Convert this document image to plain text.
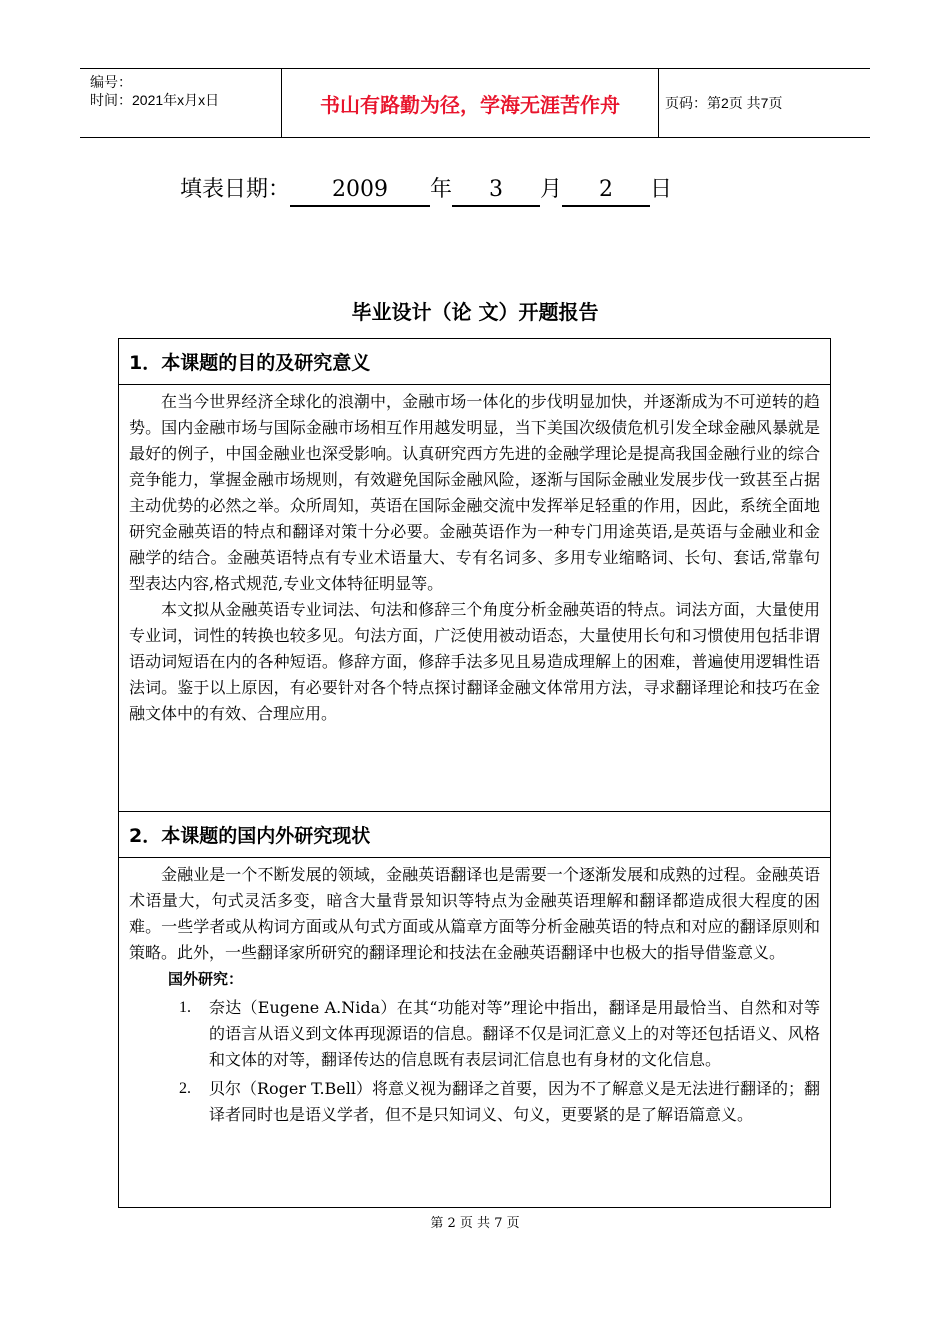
编号：
时间：2021年x月x日	书山有路勤为径，学海无涯苦作舟	页码：第2页 共7页
填表日期：	2009	年	3	月	2	日
毕业设计（论 文）开题报告
1．本课题的目的及研究意义

在当今世界经济全球化的浪潮中，金融市场一体化的步伐明显加快，并逐渐成为不可逆转的趋势。国内金融市场与国际金融市场相互作用越发明显，当下美国次级债危机引发全球金融风暴就是最好的例子，中国金融业也深受影响。认真研究西方先进的金融学理论是提高我国金融行业的综合竞争能力，掌握金融市场规则，有效避免国际金融风险，逐渐与国际金融业发展步伐一致甚至占据主动优势的必然之举。众所周知，英语在国际金融交流中发挥举足轻重的作用，因此，系统全面地研究金融英语的特点和翻译对策十分必要。金融英语作为一种专门用途英语,是英语与金融业和金融学的结合。金融英语特点有专业术语量大、专有名词多、多用专业缩略词、长句、套话,常靠句型表达内容,格式规范,专业文体特征明显等。

本文拟从金融英语专业词法、句法和修辞三个角度分析金融英语的特点。词法方面，大量使用专业词，词性的转换也较多见。句法方面，广泛使用被动语态，大量使用长句和习惯使用包括非谓语动词短语在内的各种短语。修辞方面，修辞手法多见且易造成理解上的困难，普遍使用逻辑性语法词。鉴于以上原因，有必要针对各个特点探讨翻译金融文体常用方法，寻求翻译理论和技巧在金融文体中的有效、合理应用。

2．本课题的国内外研究现状

金融业是一个不断发展的领域，金融英语翻译也是需要一个逐渐发展和成熟的过程。金融英语术语量大，句式灵活多变，暗含大量背景知识等特点为金融英语理解和翻译都造成很大程度的困难。一些学者或从构词方面或从句式方面或从篇章方面等分析金融英语的特点和对应的翻译原则和策略。此外，一些翻译家所研究的翻译理论和技法在金融英语翻译中也极大的指导借鉴意义。

国外研究：
1.	奈达（Eugene A.Nida）在其“功能对等”理论中指出，翻译是用最恰当、自然和对等的语言从语义到文体再现源语的信息。翻译不仅是词汇意义上的对等还包括语义、风格和文体的对等，翻译传达的信息既有表层词汇信息也有身材的文化信息。
2.	贝尔（Roger T.Bell）将意义视为翻译之首要，因为不了解意义是无法进行翻译的；翻译者同时也是语义学者，但不是只知词义、句义，更要紧的是了解语篇意义。
第 2 页 共 7 页
